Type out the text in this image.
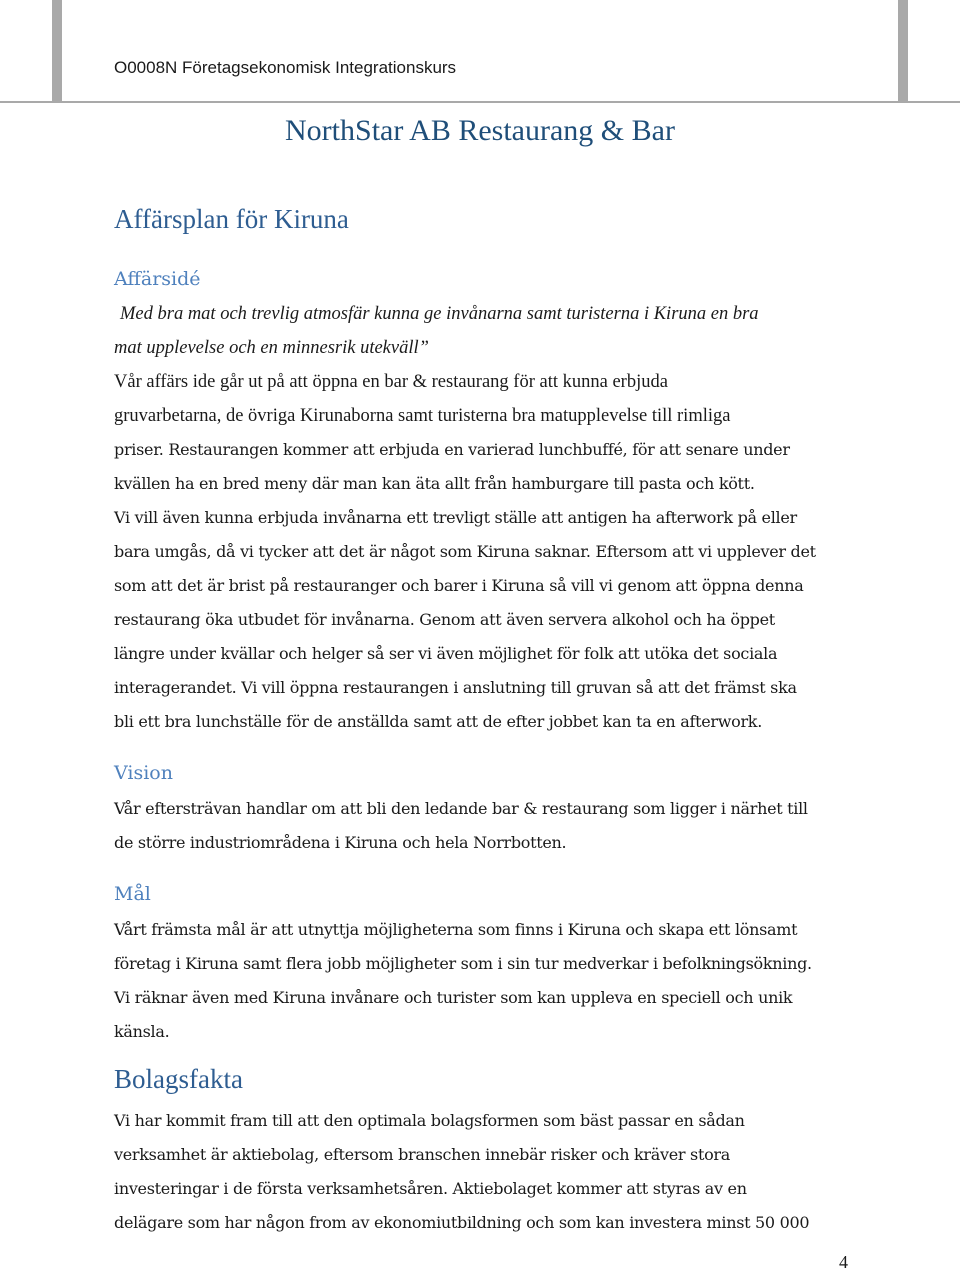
O0008N Företagsekonomisk Integrationskurs
NorthStar AB Restaurang & Bar
Affärsplan för Kiruna
Affärsidé
Med bra mat och trevlig atmosfär kunna ge invånarna samt turisterna i Kiruna en bra
mat upplevelse och en minnesrik utekväll”
Vår affärs ide går ut på att öppna en bar & restaurang för att kunna erbjuda
gruvarbetarna, de övriga Kirunaborna samt turisterna bra matupplevelse till rimliga
priser. Restaurangen kommer att erbjuda en varierad lunchbuffé, för att senare under
kvällen ha en bred meny där man kan äta allt från hamburgare till pasta och kött.
Vi vill även kunna erbjuda invånarna ett trevligt ställe att antigen ha afterwork på eller
bara umgås, då vi tycker att det är något som Kiruna saknar. Eftersom att vi upplever det
som att det är brist på restauranger och barer i Kiruna så vill vi genom att öppna denna
restaurang öka utbudet för invånarna. Genom att även servera alkohol och ha öppet
längre under kvällar och helger så ser vi även möjlighet för folk att utöka det sociala
interagerandet. Vi vill öppna restaurangen i anslutning till gruvan så att det främst ska
bli ett bra lunchställe för de anställda samt att de efter jobbet kan ta en afterwork.
Vision
Vår eftersträvan handlar om att bli den ledande bar & restaurang som ligger i närhet till
de större industriområdena i Kiruna och hela Norrbotten.
Mål
Vårt främsta mål är att utnyttja möjligheterna som finns i Kiruna och skapa ett lönsamt
företag i Kiruna samt flera jobb möjligheter som i sin tur medverkar i befolkningsökning.
Vi räknar även med Kiruna invånare och turister som kan uppleva en speciell och unik
känsla.
Bolagsfakta
Vi har kommit fram till att den optimala bolagsformen som bäst passar en sådan
verksamhet är aktiebolag, eftersom branschen innebär risker och kräver stora
investeringar i de första verksamhetsåren. Aktiebolaget kommer att styras av en
delägare som har någon from av ekonomiutbildning och som kan investera minst 50 000
4
